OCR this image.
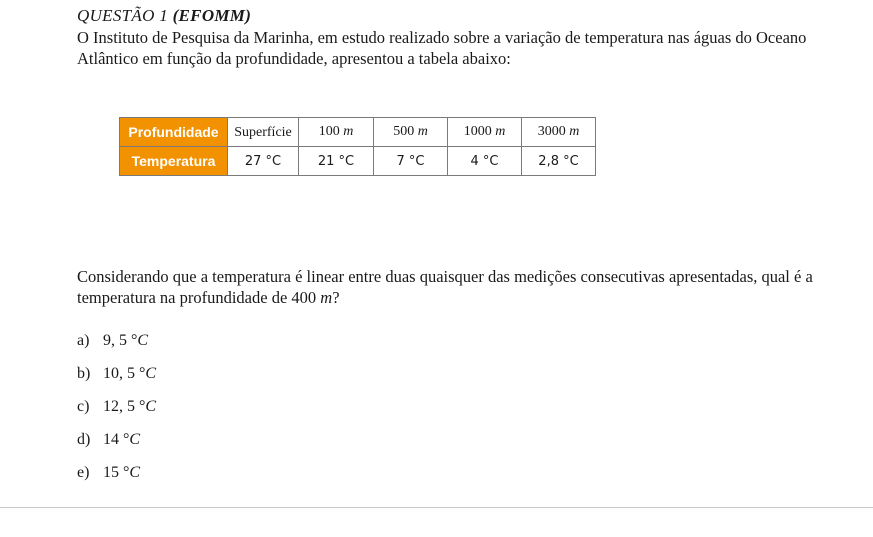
QUESTÃO 1 (EFOMM)
O Instituto de Pesquisa da Marinha, em estudo realizado sobre a variação de temperatura nas águas do Oceano Atlântico em função da profundidade, apresentou a tabela abaixo:
Profundidade	Superfície	100 m	500 m	1000 m	3000 m
Temperatura	27 °C	21 °C	7 °C	4 °C	2,8 °C
Considerando que a temperatura é linear entre duas quaisquer das medições consecutivas apresentadas, qual é a temperatura na profundidade de 400 m?
a) 9, 5 ° C
b) 10, 5 ° C
c) 12, 5 ° C
d) 14 ° C
e) 15 ° C
